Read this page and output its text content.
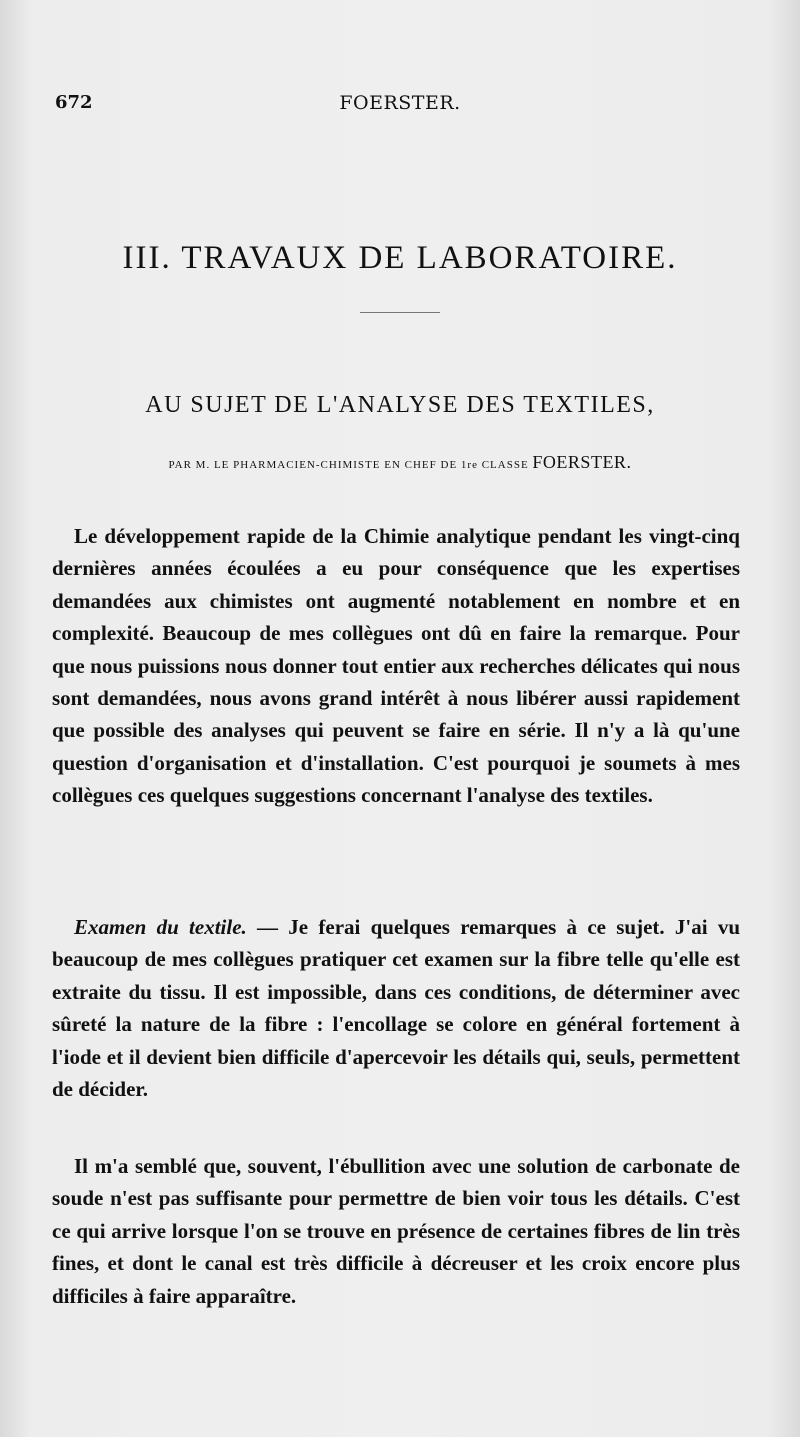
672	FOERSTER.
III. TRAVAUX DE LABORATOIRE.
AU SUJET DE L'ANALYSE DES TEXTILES,
PAR M. LE PHARMACIEN-CHIMISTE EN CHEF DE 1re CLASSE FOERSTER.

Le développement rapide de la Chimie analytique pendant les vingt-cinq dernières années écoulées a eu pour conséquence que les expertises demandées aux chimistes ont augmenté notablement en nombre et en complexité. Beaucoup de mes collègues ont dû en faire la remarque. Pour que nous puissions nous donner tout entier aux recherches délicates qui nous sont demandées, nous avons grand intérêt à nous libérer aussi rapidement que possible des analyses qui peuvent se faire en série. Il n'y a là qu'une question d'organisation et d'installation. C'est pourquoi je soumets à mes collègues ces quelques suggestions concernant l'analyse des textiles.

Examen du textile. — Je ferai quelques remarques à ce sujet. J'ai vu beaucoup de mes collègues pratiquer cet examen sur la fibre telle qu'elle est extraite du tissu. Il est impossible, dans ces conditions, de déterminer avec sûreté la nature de la fibre : l'encollage se colore en général fortement à l'iode et il devient bien difficile d'apercevoir les détails qui, seuls, permettent de décider.

Il m'a semblé que, souvent, l'ébullition avec une solution de carbonate de soude n'est pas suffisante pour permettre de bien voir tous les détails. C'est ce qui arrive lorsque l'on se trouve en présence de certaines fibres de lin très fines, et dont le canal est très difficile à décreuser et les croix encore plus difficiles à faire apparaître.
